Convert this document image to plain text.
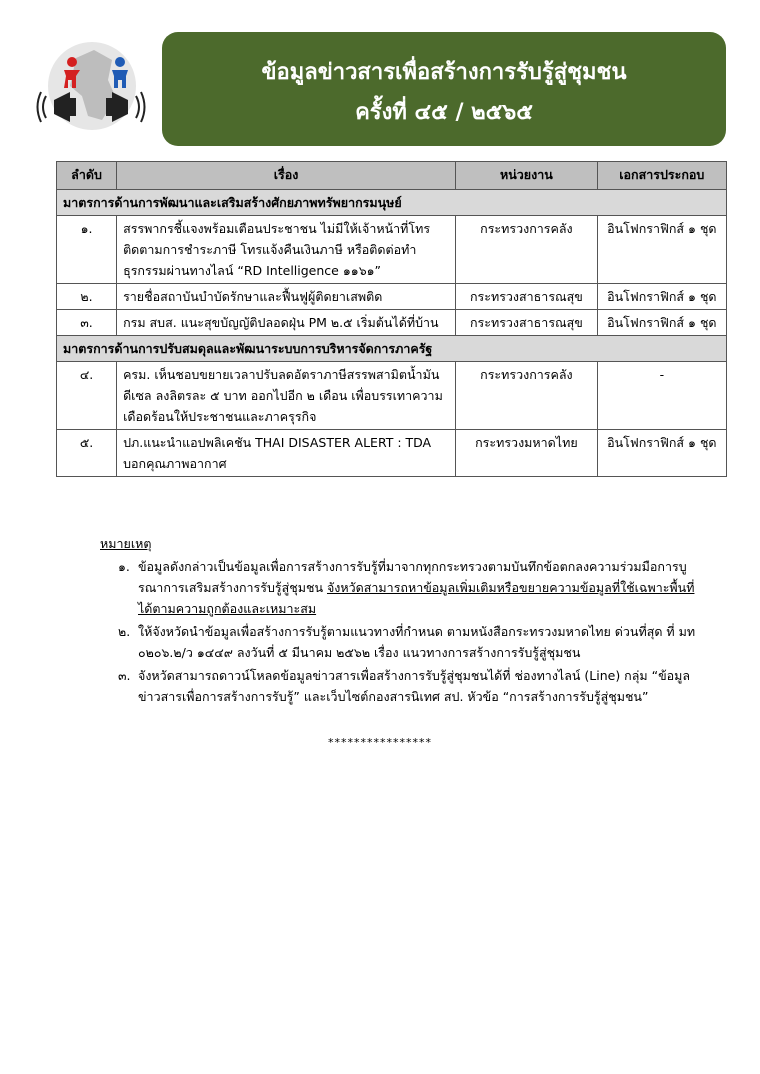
ข้อมูลข่าวสารเพื่อสร้างการรับรู้สู่ชุมชน
ครั้งที่ ๔๕ / ๒๕๖๕
ลำดับ	เรื่อง	หน่วยงาน	เอกสารประกอบ
มาตรการด้านการพัฒนาและเสริมสร้างศักยภาพทรัพยากรมนุษย์			
๑.	สรรพากรชี้แจงพร้อมเตือนประชาชน ไม่มีให้เจ้าหน้าที่โทรติดตามการชำระภาษี โทรแจ้งคืนเงินภาษี หรือติดต่อทำธุรกรรมผ่านทางไลน์ “RD Intelligence ๑๑๖๑”	กระทรวงการคลัง	อินโฟกราฟิกส์ ๑ ชุด
๒.	รายชื่อสถาบันบำบัดรักษาและฟื้นฟูผู้ติดยาเสพติด	กระทรวงสาธารณสุข	อินโฟกราฟิกส์ ๑ ชุด
๓.	กรม สบส. แนะสุขบัญญัติปลอดฝุ่น PM ๒.๕ เริ่มต้นได้ที่บ้าน	กระทรวงสาธารณสุข	อินโฟกราฟิกส์ ๑ ชุด
มาตรการด้านการปรับสมดุลและพัฒนาระบบการบริหารจัดการภาครัฐ			
๔.	ครม. เห็นชอบขยายเวลาปรับลดอัตราภาษีสรรพสามิตน้ำมันดีเซล ลงลิตรละ ๕ บาท ออกไปอีก ๒ เดือน เพื่อบรรเทาความเดือดร้อนให้ประชาชนและภาครุรกิจ	กระทรวงการคลัง	-
๕.	ปภ.แนะนำแอปพลิเคชัน THAI DISASTER ALERT : TDA บอกคุณภาพอากาศ	กระทรวงมหาดไทย	อินโฟกราฟิกส์ ๑ ชุด
หมายเหตุ
๑. ข้อมูลดังกล่าวเป็นข้อมูลเพื่อการสร้างการรับรู้ที่มาจากทุกกระทรวงตามบันทึกข้อตกลงความร่วมมือการบูรณาการเสริมสร้างการรับรู้สู่ชุมชน จังหวัดสามารถหาข้อมูลเพิ่มเติมหรือขยายความข้อมูลที่ใช้เฉพาะพื้นที่ได้ตามความถูกต้องและเหมาะสม
๒. ให้จังหวัดนำข้อมูลเพื่อสร้างการรับรู้ตามแนวทางที่กำหนด ตามหนังสือกระทรวงมหาดไทย ด่วนที่สุด ที่ มท ๐๒๐๖.๒/ว ๑๔๔๙ ลงวันที่ ๕ มีนาคม ๒๕๖๒ เรื่อง แนวทางการสร้างการรับรู้สู่ชุมชน
๓. จังหวัดสามารถดาวน์โหลดข้อมูลข่าวสารเพื่อสร้างการรับรู้สู่ชุมชนได้ที่ ช่องทางไลน์ (Line) กลุ่ม “ข้อมูลข่าวสารเพื่อการสร้างการรับรู้” และเว็บไซต์กองสารนิเทศ สป. หัวข้อ “การสร้างการรับรู้สู่ชุมชน”
****************
